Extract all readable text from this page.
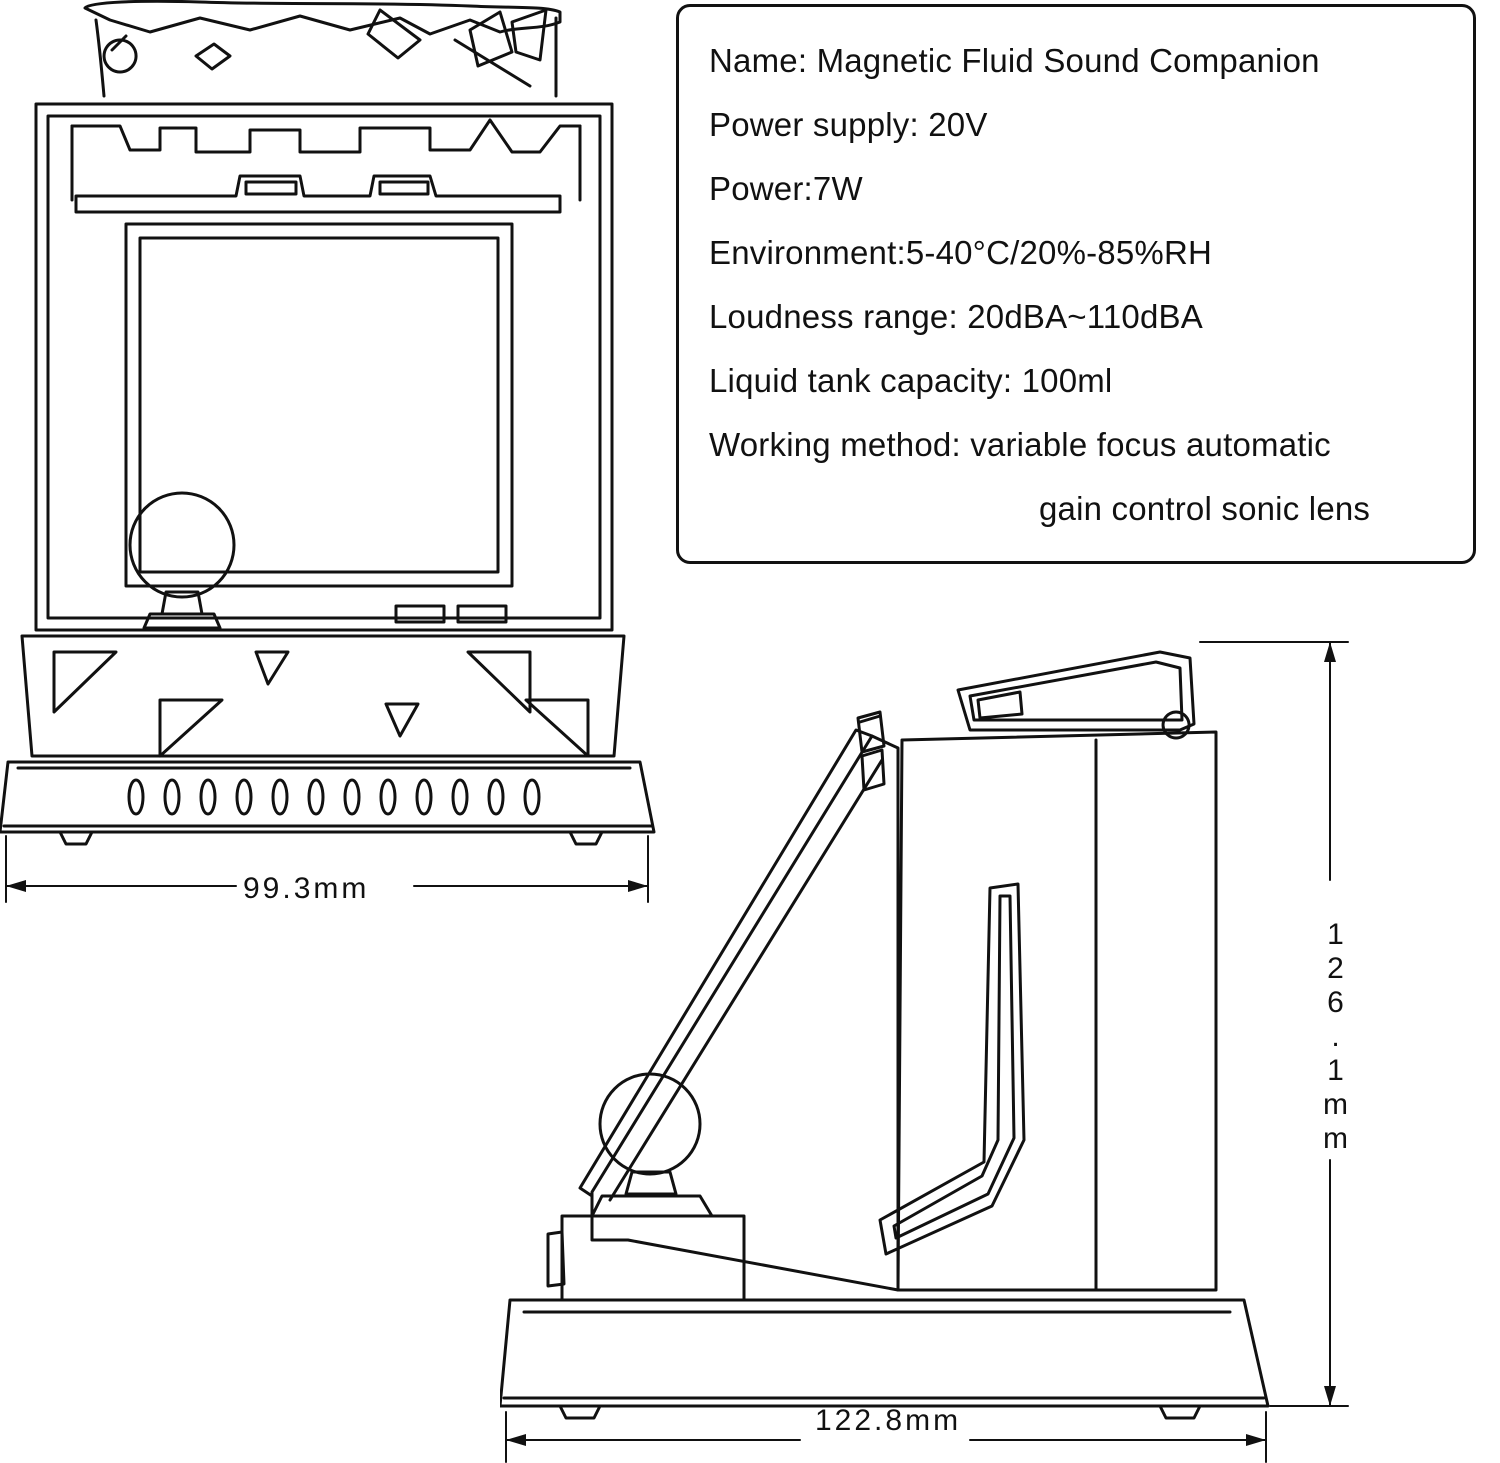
Name: Magnetic Fluid Sound Companion
Power supply: 20V
Power:7W
Environment:5-40°C/20%-85%RH
Loudness range: 20dBA~110dBA
Liquid tank capacity: 100ml
Working method: variable focus automatic
gain control sonic lens
99.3mm
122.8mm
126.1mm
